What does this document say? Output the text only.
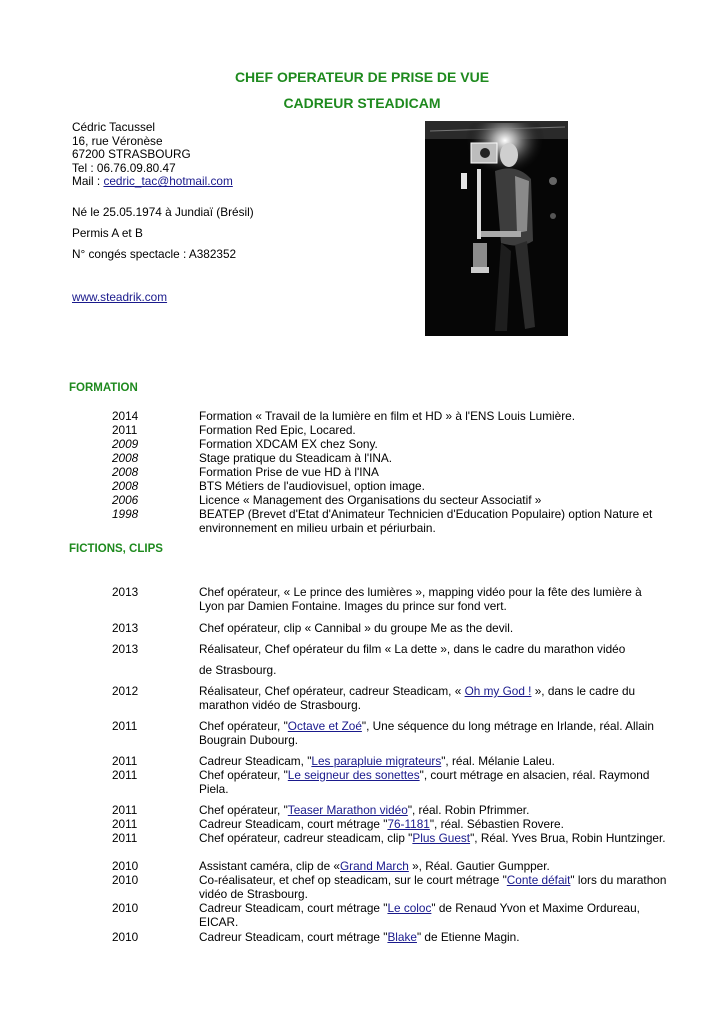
CHEF OPERATEUR DE PRISE DE VUE
CADREUR STEADICAM
Cédric Tacussel
16, rue Véronèse
67200 STRASBOURG
Tel : 06.76.09.80.47
Mail : cedric_tac@hotmail.com
Né le 25.05.1974 à Jundiaï (Brésil)
Permis A et B
N° congés spectacle : A382352
www.steadrik.com
FORMATION
2014	Formation « Travail de la lumière en film et HD » à l'ENS Louis Lumière.
2011	Formation Red Epic, Locared.
2009	Formation XDCAM EX chez Sony.
2008	Stage pratique du Steadicam à l'INA.
2008	Formation Prise de vue HD à l'INA
2008	BTS Métiers de l'audiovisuel, option image.
2006	Licence « Management des Organisations du secteur Associatif »
1998	BEATEP (Brevet d'Etat d'Animateur Technicien d'Education Populaire) option Nature et environnement en milieu urbain et périurbain.
FICTIONS, CLIPS
2013	Chef opérateur, « Le prince des lumières », mapping vidéo pour la fête des lumière à Lyon par Damien Fontaine. Images du prince sur fond vert.
2013	Chef opérateur, clip « Cannibal » du groupe Me as the devil.
2013	Réalisateur, Chef opérateur du film « La dette », dans le cadre du marathon vidéo
de Strasbourg.
2012	Réalisateur, Chef opérateur, cadreur Steadicam, « Oh my God ! », dans le cadre du marathon vidéo de Strasbourg.
2011	Chef opérateur, "Octave et Zoé", Une séquence du long métrage en Irlande, réal. Allain Bougrain Dubourg.
2011	Cadreur Steadicam, "Les parapluie migrateurs", réal. Mélanie Laleu.
2011	Chef opérateur, "Le seigneur des sonettes", court métrage en alsacien, réal. Raymond Piela.
2011	Chef opérateur, "Teaser Marathon vidéo", réal. Robin Pfrimmer.
2011	Cadreur Steadicam, court métrage "76-1181", réal. Sébastien Rovere.
2011	Chef opérateur, cadreur steadicam, clip "Plus Guest", Réal. Yves Brua, Robin Huntzinger.
2010	Assistant caméra, clip de «Grand March », Réal. Gautier Gumpper.
2010	Co-réalisateur, et chef op steadicam, sur le court métrage "Conte défait" lors du marathon vidéo de Strasbourg.
2010	Cadreur Steadicam, court métrage "Le coloc" de Renaud Yvon et Maxime Ordureau, EICAR.
2010	Cadreur Steadicam, court métrage "Blake" de Etienne Magin.
